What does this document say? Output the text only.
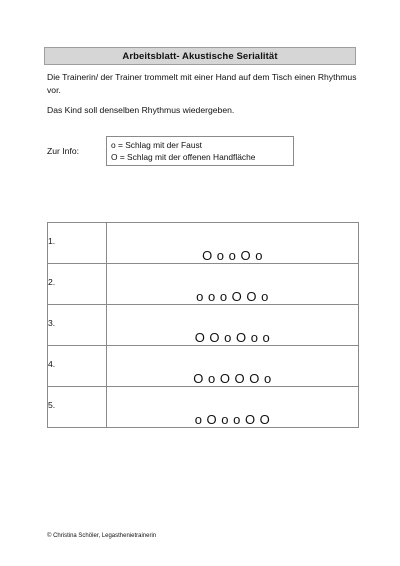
Arbeitsblatt- Akustische Serialität

Die Trainerin/ der Trainer trommelt mit einer Hand auf dem Tisch einen Rhythmus vor.

Das Kind soll denselben Rhythmus wiedergeben.

Zur Info:
o = Schlag mit der Faust
O = Schlag mit der offenen Handfläche
1.	O o o O o
2.	o o o O O o
3.	O O o O o o
4.	O o O O O o
5.	o O o o O O
© Christina Schöler, Legasthenietrainerin
